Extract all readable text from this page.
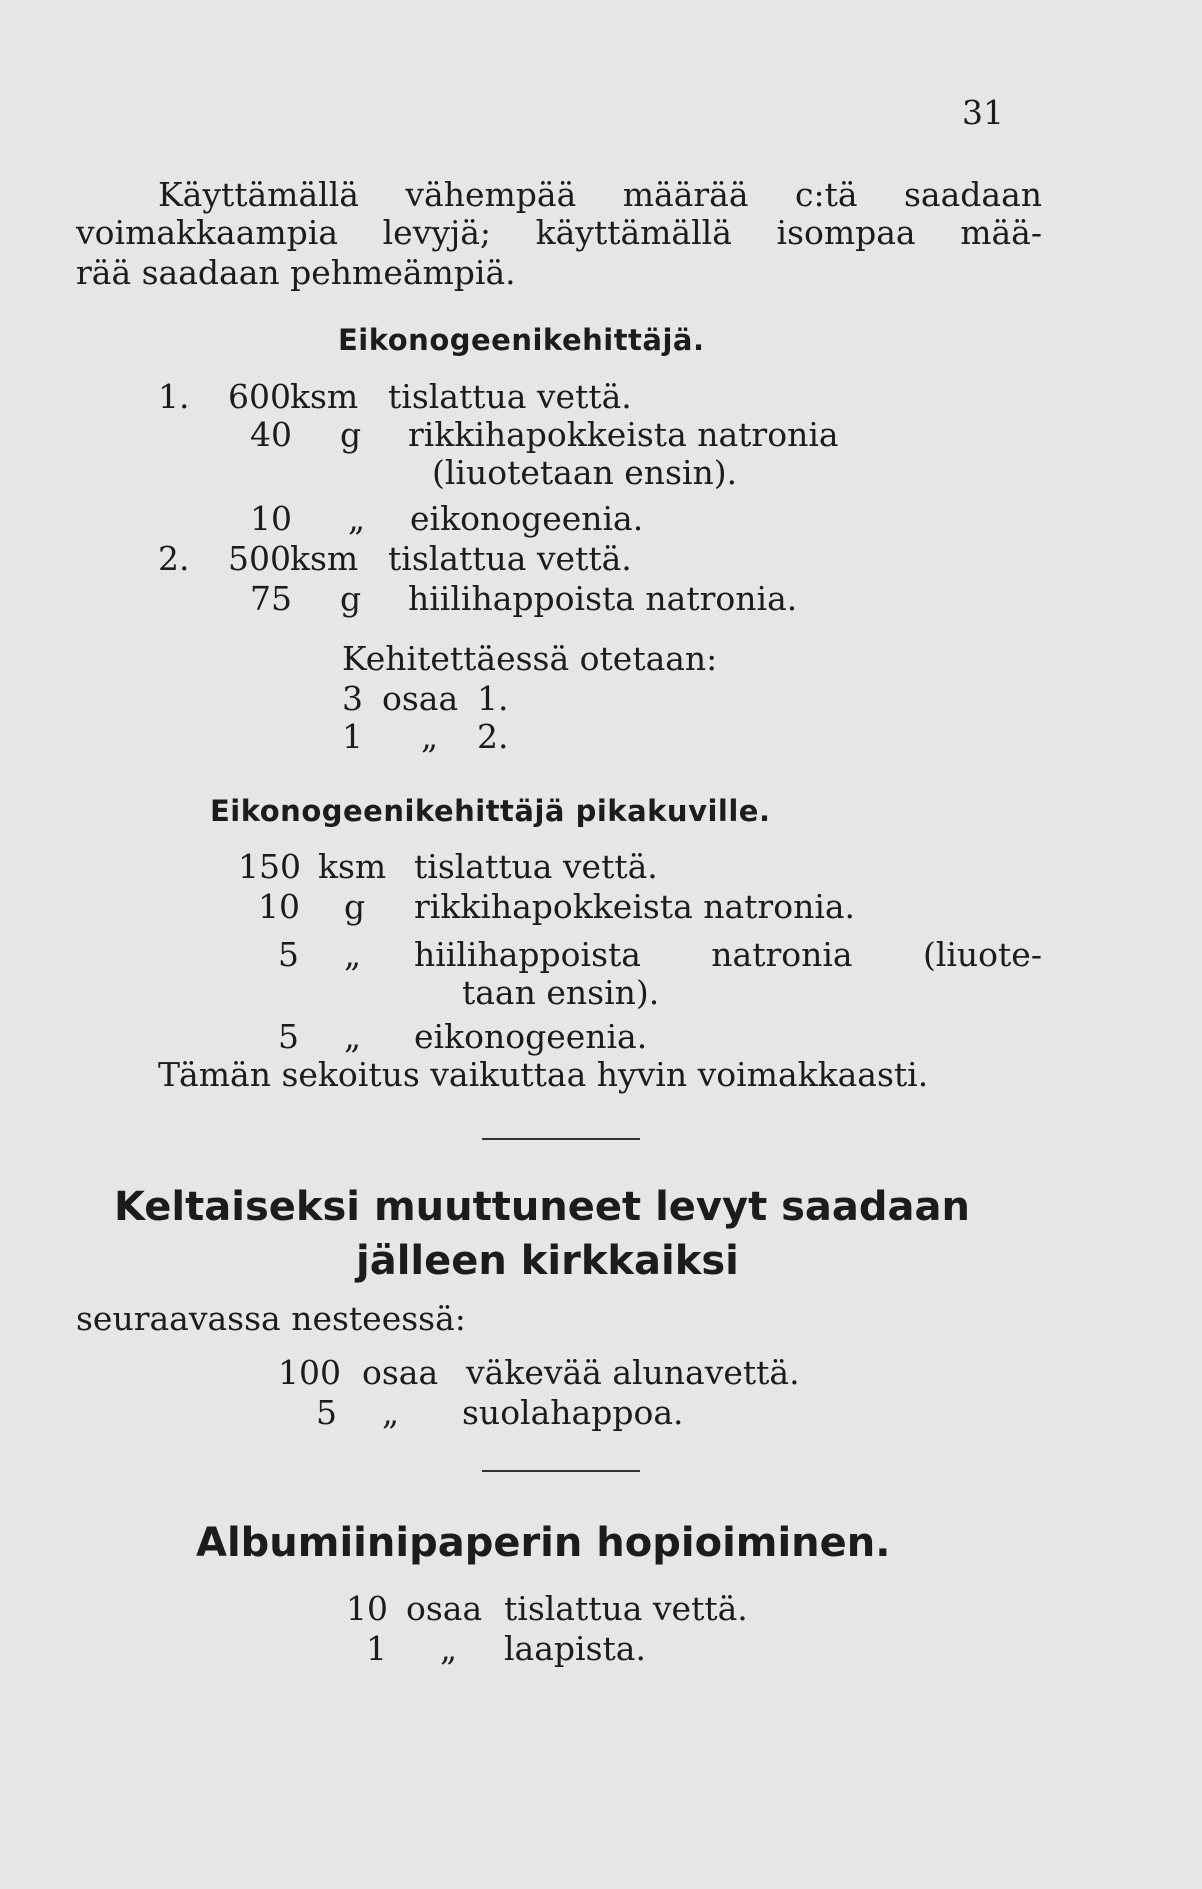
31
Käyttämällä vähempää määrää c:tä saadaan
voimakkaampia levyjä; käyttämällä isompaa mää-
rää saadaan pehmeämpiä.
Eikonogeenikehittäjä.
1. 600ksm tislattua vettä.
40 g rikkihapokkeista natronia
(liuotetaan ensin).
10 „ eikonogeenia.
2. 500ksm tislattua vettä.
75 g hiilihappoista natronia.
Kehitettäessä otetaan:
3 osaa 1.
1 „ 2.
Eikonogeenikehittäjä pikakuville.
150 ksm tislattua vettä.
10 g rikkihapokkeista natronia.
5 „	hiilihappoista natronia (liuote-
taan ensin).
5 „ eikonogeenia.
Tämän sekoitus vaikuttaa hyvin voimakkaasti.
Keltaiseksi muuttuneet levyt saadaan
jälleen kirkkaiksi
seuraavassa nesteessä:
100 osaa väkevää alunavettä.
5 „ suolahappoa.
Albumiinipaperin hopioiminen.
10 osaa tislattua vettä.
1 „ laapista.
